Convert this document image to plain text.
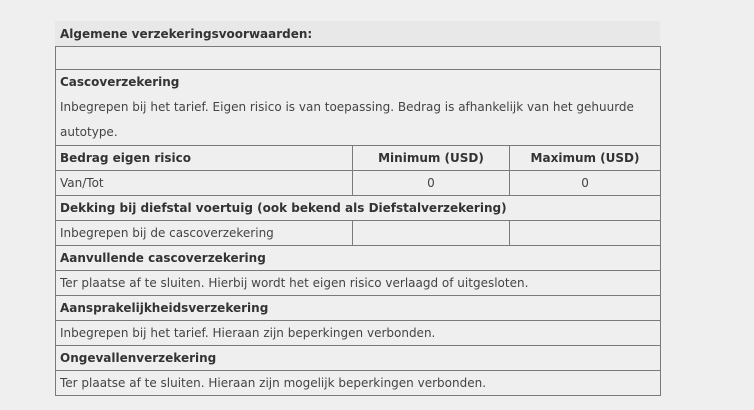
Algemene verzekeringsvoorwaarden:

Cascoverzekering
Inbegrepen bij het tarief. Eigen risico is van toepassing. Bedrag is afhankelijk van het gehuurde autotype.		

Bedrag eigen risico	Minimum (USD)	Maximum (USD)
Van/Tot	0	0
Dekking bij diefstal voertuig (ook bekend als Diefstalverzekering)		
Inbegrepen bij de cascoverzekering		
Aanvullende cascoverzekering		
Ter plaatse af te sluiten. Hierbij wordt het eigen risico verlaagd of uitgesloten.		
Aansprakelijkheidsverzekering		
Inbegrepen bij het tarief. Hieraan zijn beperkingen verbonden.		
Ongevallenverzekering		
Ter plaatse af te sluiten. Hieraan zijn mogelijk beperkingen verbonden.		
